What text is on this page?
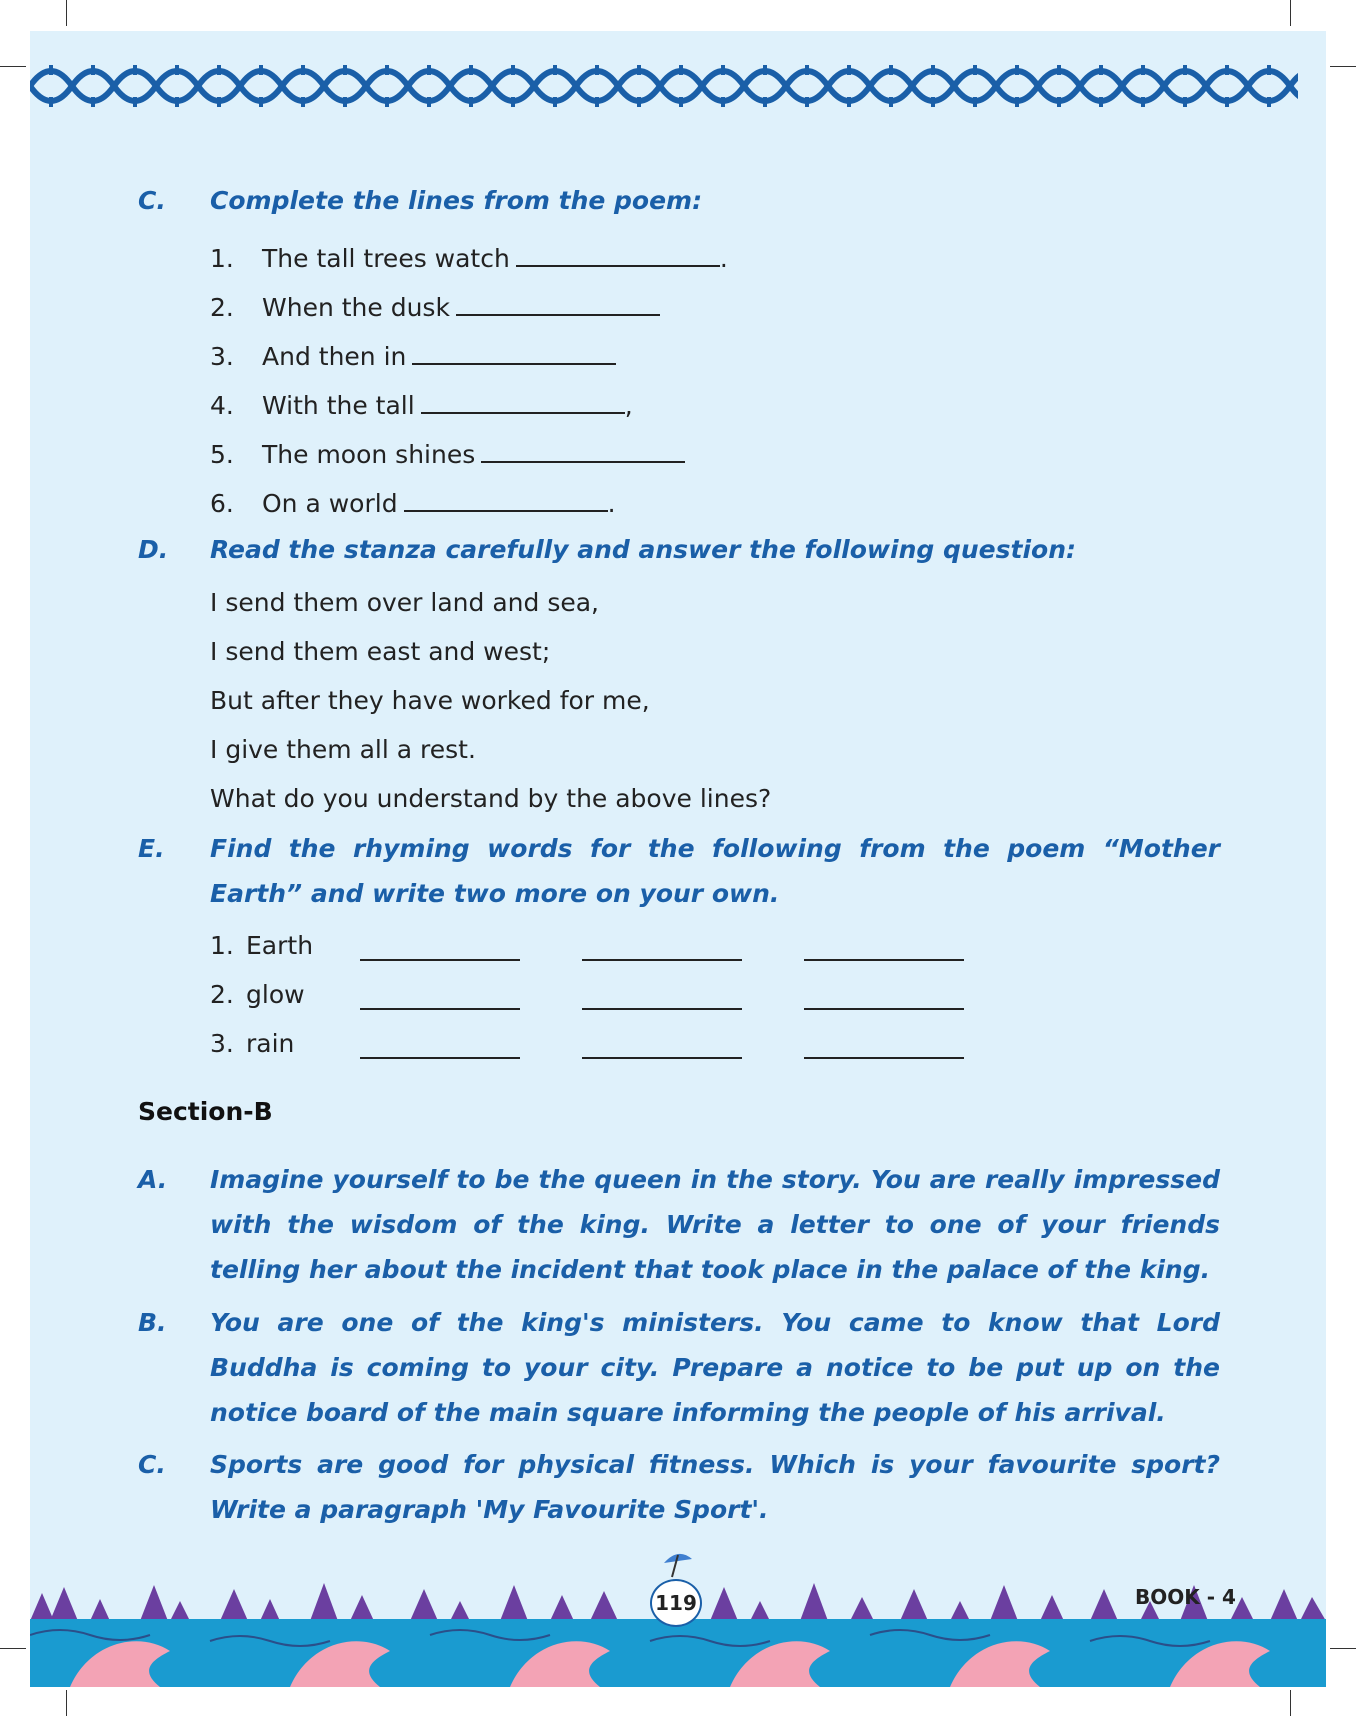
C.	Complete the lines from the poem:
1.	The tall trees watch	.
2.	When the dusk
3.	And then in
4.	With the tall	,
5.	The moon shines
6.	On a world	.
D.	Read the stanza carefully and answer the following question:
I send them over land and sea,
I send them east and west;
But after they have worked for me,
I give them all a rest.
What do you understand by the above lines?
E.	Find the rhyming words for the following from the poem “Mother Earth” and write two more on your own.
1. Earth
2. glow
3. rain
Section-B
A.	Imagine yourself to be the queen in the story. You are really impressed with the wisdom of the king. Write a letter to one of your friends telling her about the incident that took place in the palace of the king.
B.	You are one of the king's ministers. You came to know that Lord Buddha is coming to your city. Prepare a notice to be put up on the notice board of the main square informing the people of his arrival.
C.	Sports are good for physical fitness. Which is your favourite sport? Write a paragraph 'My Favourite Sport'.
119	BOOK - 4
